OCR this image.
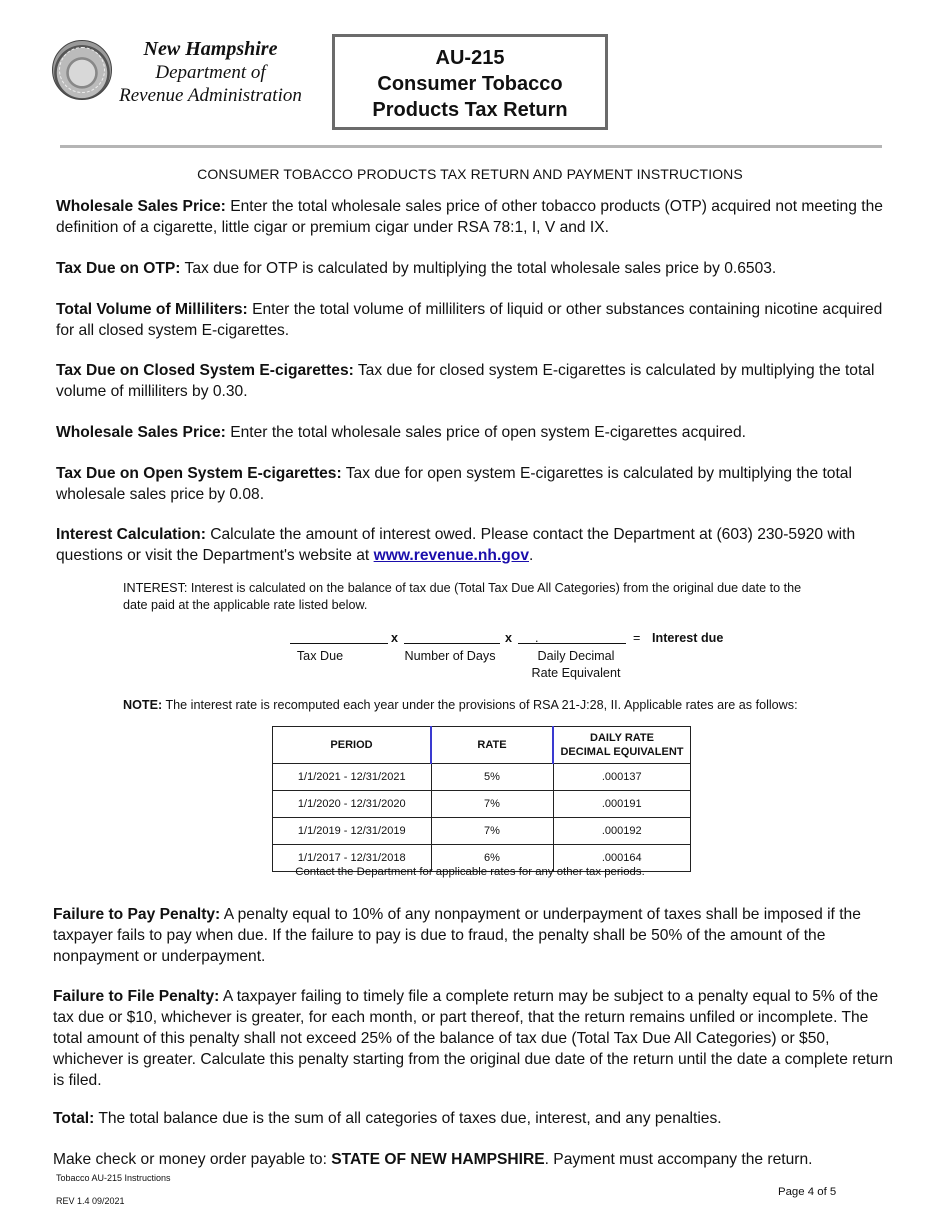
New Hampshire
Department of
Revenue Administration
AU-215
Consumer Tobacco
Products Tax Return
CONSUMER TOBACCO PRODUCTS TAX RETURN AND PAYMENT INSTRUCTIONS
Wholesale Sales Price: Enter the total wholesale sales price of other tobacco products (OTP) acquired not meeting the definition of a cigarette, little cigar or premium cigar under RSA 78:1, I, V and IX.
Tax Due on OTP: Tax due for OTP is calculated by multiplying the total wholesale sales price by 0.6503.
Total Volume of Milliliters: Enter the total volume of milliliters of liquid or other substances containing nicotine acquired for all closed system E-cigarettes.
Tax Due on Closed System E-cigarettes: Tax due for closed system E-cigarettes is calculated by multiplying the total volume of milliliters by 0.30.
Wholesale Sales Price: Enter the total wholesale sales price of open system E-cigarettes acquired.
Tax Due on Open System E-cigarettes: Tax due for open system E-cigarettes is calculated by multiplying the total wholesale sales price by 0.08.
Interest Calculation: Calculate the amount of interest owed. Please contact the Department at (603) 230-5920 with questions or visit the Department's website at www.revenue.nh.gov.
INTEREST: Interest is calculated on the balance of tax due (Total Tax Due All Categories) from the original due date to the date paid at the applicable rate listed below.
x	x .	= Interest due
Tax Due	Number of Days	Daily Decimal
Rate Equivalent
NOTE: The interest rate is recomputed each year under the provisions of RSA 21-J:28, II. Applicable rates are as follows:
PERIOD	RATE	DAILY RATE
DECIMAL EQUIVALENT

1/1/2021 - 12/31/2021	5%	.000137
1/1/2020 - 12/31/2020	7%	.000191
1/1/2019 - 12/31/2019	7%	.000192
1/1/2017 - 12/31/2018	6%	.000164
Contact the Department for applicable rates for any other tax periods.
Failure to Pay Penalty: A penalty equal to 10% of any nonpayment or underpayment of taxes shall be imposed if the taxpayer fails to pay when due. If the failure to pay is due to fraud, the penalty shall be 50% of the amount of the nonpayment or underpayment.
Failure to File Penalty: A taxpayer failing to timely file a complete return may be subject to a penalty equal to 5% of the tax due or $10, whichever is greater, for each month, or part thereof, that the return remains unfiled or incomplete. The total amount of this penalty shall not exceed 25% of the balance of tax due (Total Tax Due All Categories) or $50, whichever is greater. Calculate this penalty starting from the original due date of the return until the date a complete return is filed.
Total: The total balance due is the sum of all categories of taxes due, interest, and any penalties.
Make check or money order payable to: STATE OF NEW HAMPSHIRE. Payment must accompany the return.
Tobacco AU-215 Instructions
REV 1.4 09/2021
Page 4 of 5
